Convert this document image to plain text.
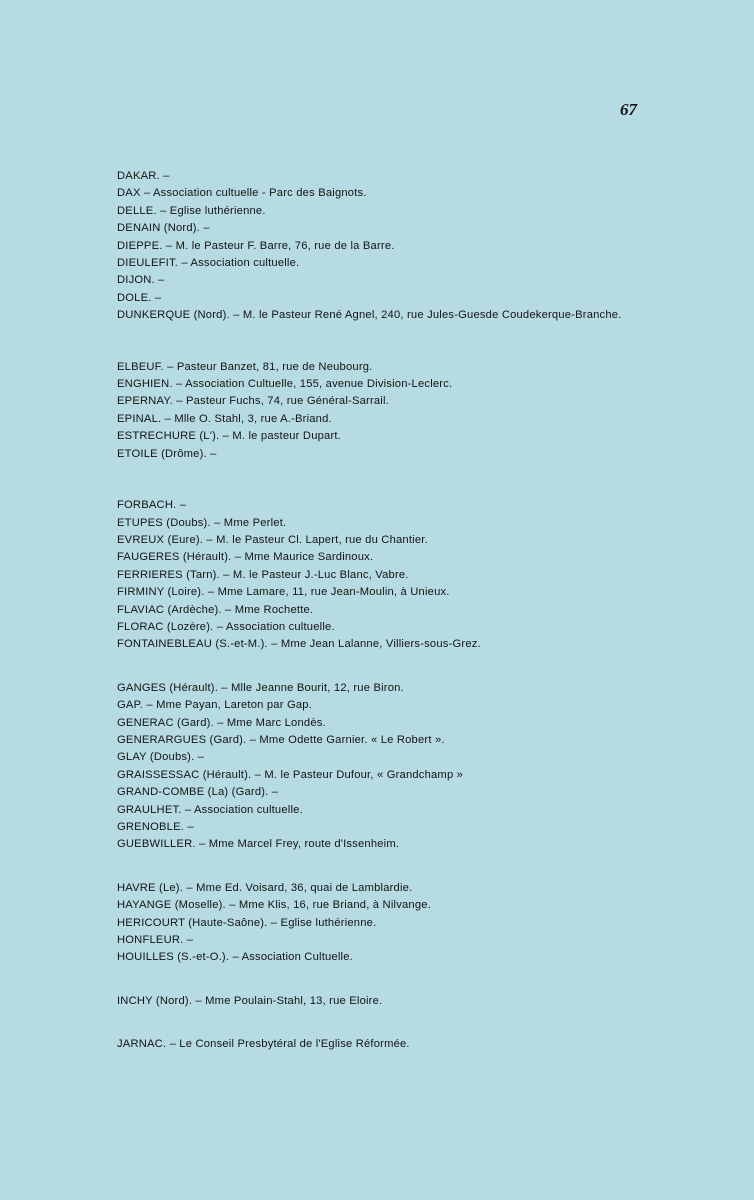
67
DAKAR. –
DAX – Association cultuelle - Parc des Baignots.
DELLE. – Eglise luthérienne.
DENAIN (Nord). –
DIEPPE. – M. le Pasteur F. Barre, 76, rue de la Barre.
DIEULEFIT. – Association cultuelle.
DIJON. –
DOLE. –
DUNKERQUE (Nord). – M. le Pasteur René Agnel, 240, rue Jules-Guesde Coudekerque-Branche.
ELBEUF. – Pasteur Banzet, 81, rue de Neubourg.
ENGHIEN. – Association Cultuelle, 155, avenue Division-Leclerc.
EPERNAY. – Pasteur Fuchs, 74, rue Général-Sarrail.
EPINAL. – Mlle O. Stahl, 3, rue A.-Briand.
ESTRECHURE (L'). – M. le pasteur Dupart.
ETOILE (Drôme). –
FORBACH. –
ETUPES (Doubs). – Mme Perlet.
EVREUX (Eure). – M. le Pasteur Cl. Lapert, rue du Chantier.
FAUGERES (Hérault). – Mme Maurice Sardinoux.
FERRIERES (Tarn). – M. le Pasteur J.-Luc Blanc, Vabre.
FIRMINY (Loire). – Mme Lamare, 11, rue Jean-Moulin, à Unieux.
FLAVIAC (Ardèche). – Mme Rochette.
FLORAC (Lozère). – Association cultuelle.
FONTAINEBLEAU (S.-et-M.). – Mme Jean Lalanne, Villiers-sous-Grez.
GANGES (Hérault). – Mlle Jeanne Bourit, 12, rue Biron.
GAP. – Mme Payan, Lareton par Gap.
GENERAC (Gard). – Mme Marc Londès.
GENERARGUES (Gard). – Mme Odette Garnier. « Le Robert ».
GLAY (Doubs). –
GRAISSESSAC (Hérault). – M. le Pasteur Dufour, « Grandchamp »
GRAND-COMBE (La) (Gard). –
GRAULHET. – Association cultuelle.
GRENOBLE. –
GUEBWILLER. – Mme Marcel Frey, route d'Issenheim.
HAVRE (Le). – Mme Ed. Voisard, 36, quai de Lamblardie.
HAYANGE (Moselle). – Mme Klis, 16, rue Briand, à Nilvange.
HERICOURT (Haute-Saône). – Eglise luthérienne.
HONFLEUR. –
HOUILLES (S.-et-O.). – Association Cultuelle.
INCHY (Nord). – Mme Poulain-Stahl, 13, rue Eloire.
JARNAC. – Le Conseil Presbytéral de l'Eglise Réformée.
